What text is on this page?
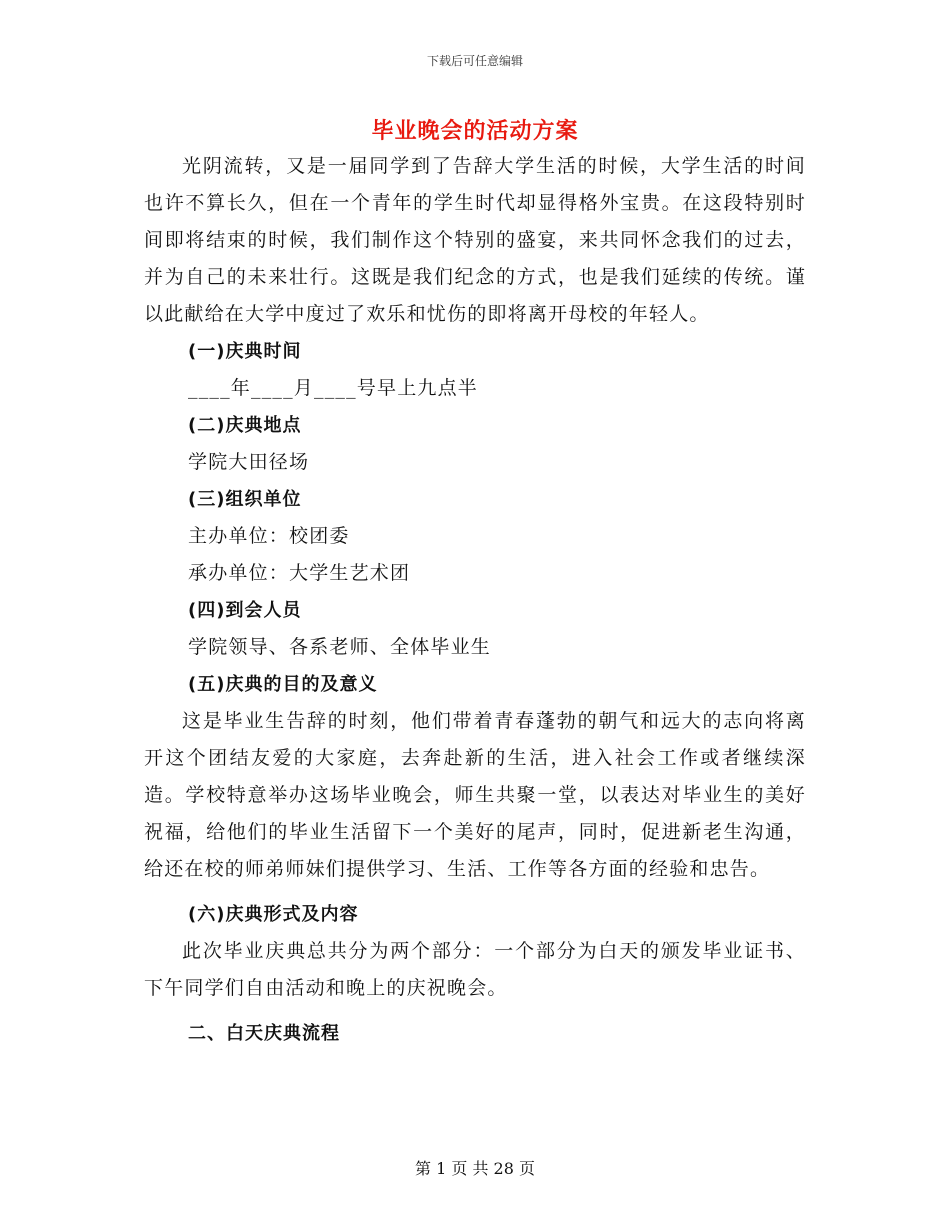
下载后可任意编辑
毕业晚会的活动方案

光阴流转，又是一届同学到了告辞大学生活的时候，大学生活的时间也许不算长久，但在一个青年的学生时代却显得格外宝贵。在这段特别时间即将结束的时候，我们制作这个特别的盛宴，来共同怀念我们的过去，并为自己的未来壮行。这既是我们纪念的方式，也是我们延续的传统。谨以此献给在大学中度过了欢乐和忧伤的即将离开母校的年轻人。

(一)庆典时间

____年____月____号早上九点半

(二)庆典地点

学院大田径场

(三)组织单位

主办单位：校团委

承办单位：大学生艺术团

(四)到会人员

学院领导、各系老师、全体毕业生

(五)庆典的目的及意义

这是毕业生告辞的时刻，他们带着青春蓬勃的朝气和远大的志向将离开这个团结友爱的大家庭，去奔赴新的生活，进入社会工作或者继续深造。学校特意举办这场毕业晚会，师生共聚一堂，以表达对毕业生的美好祝福，给他们的毕业生活留下一个美好的尾声，同时，促进新老生沟通，给还在校的师弟师妹们提供学习、生活、工作等各方面的经验和忠告。

(六)庆典形式及内容

此次毕业庆典总共分为两个部分：一个部分为白天的颁发毕业证书、下午同学们自由活动和晚上的庆祝晚会。

二、白天庆典流程

第 1 页 共 28 页
